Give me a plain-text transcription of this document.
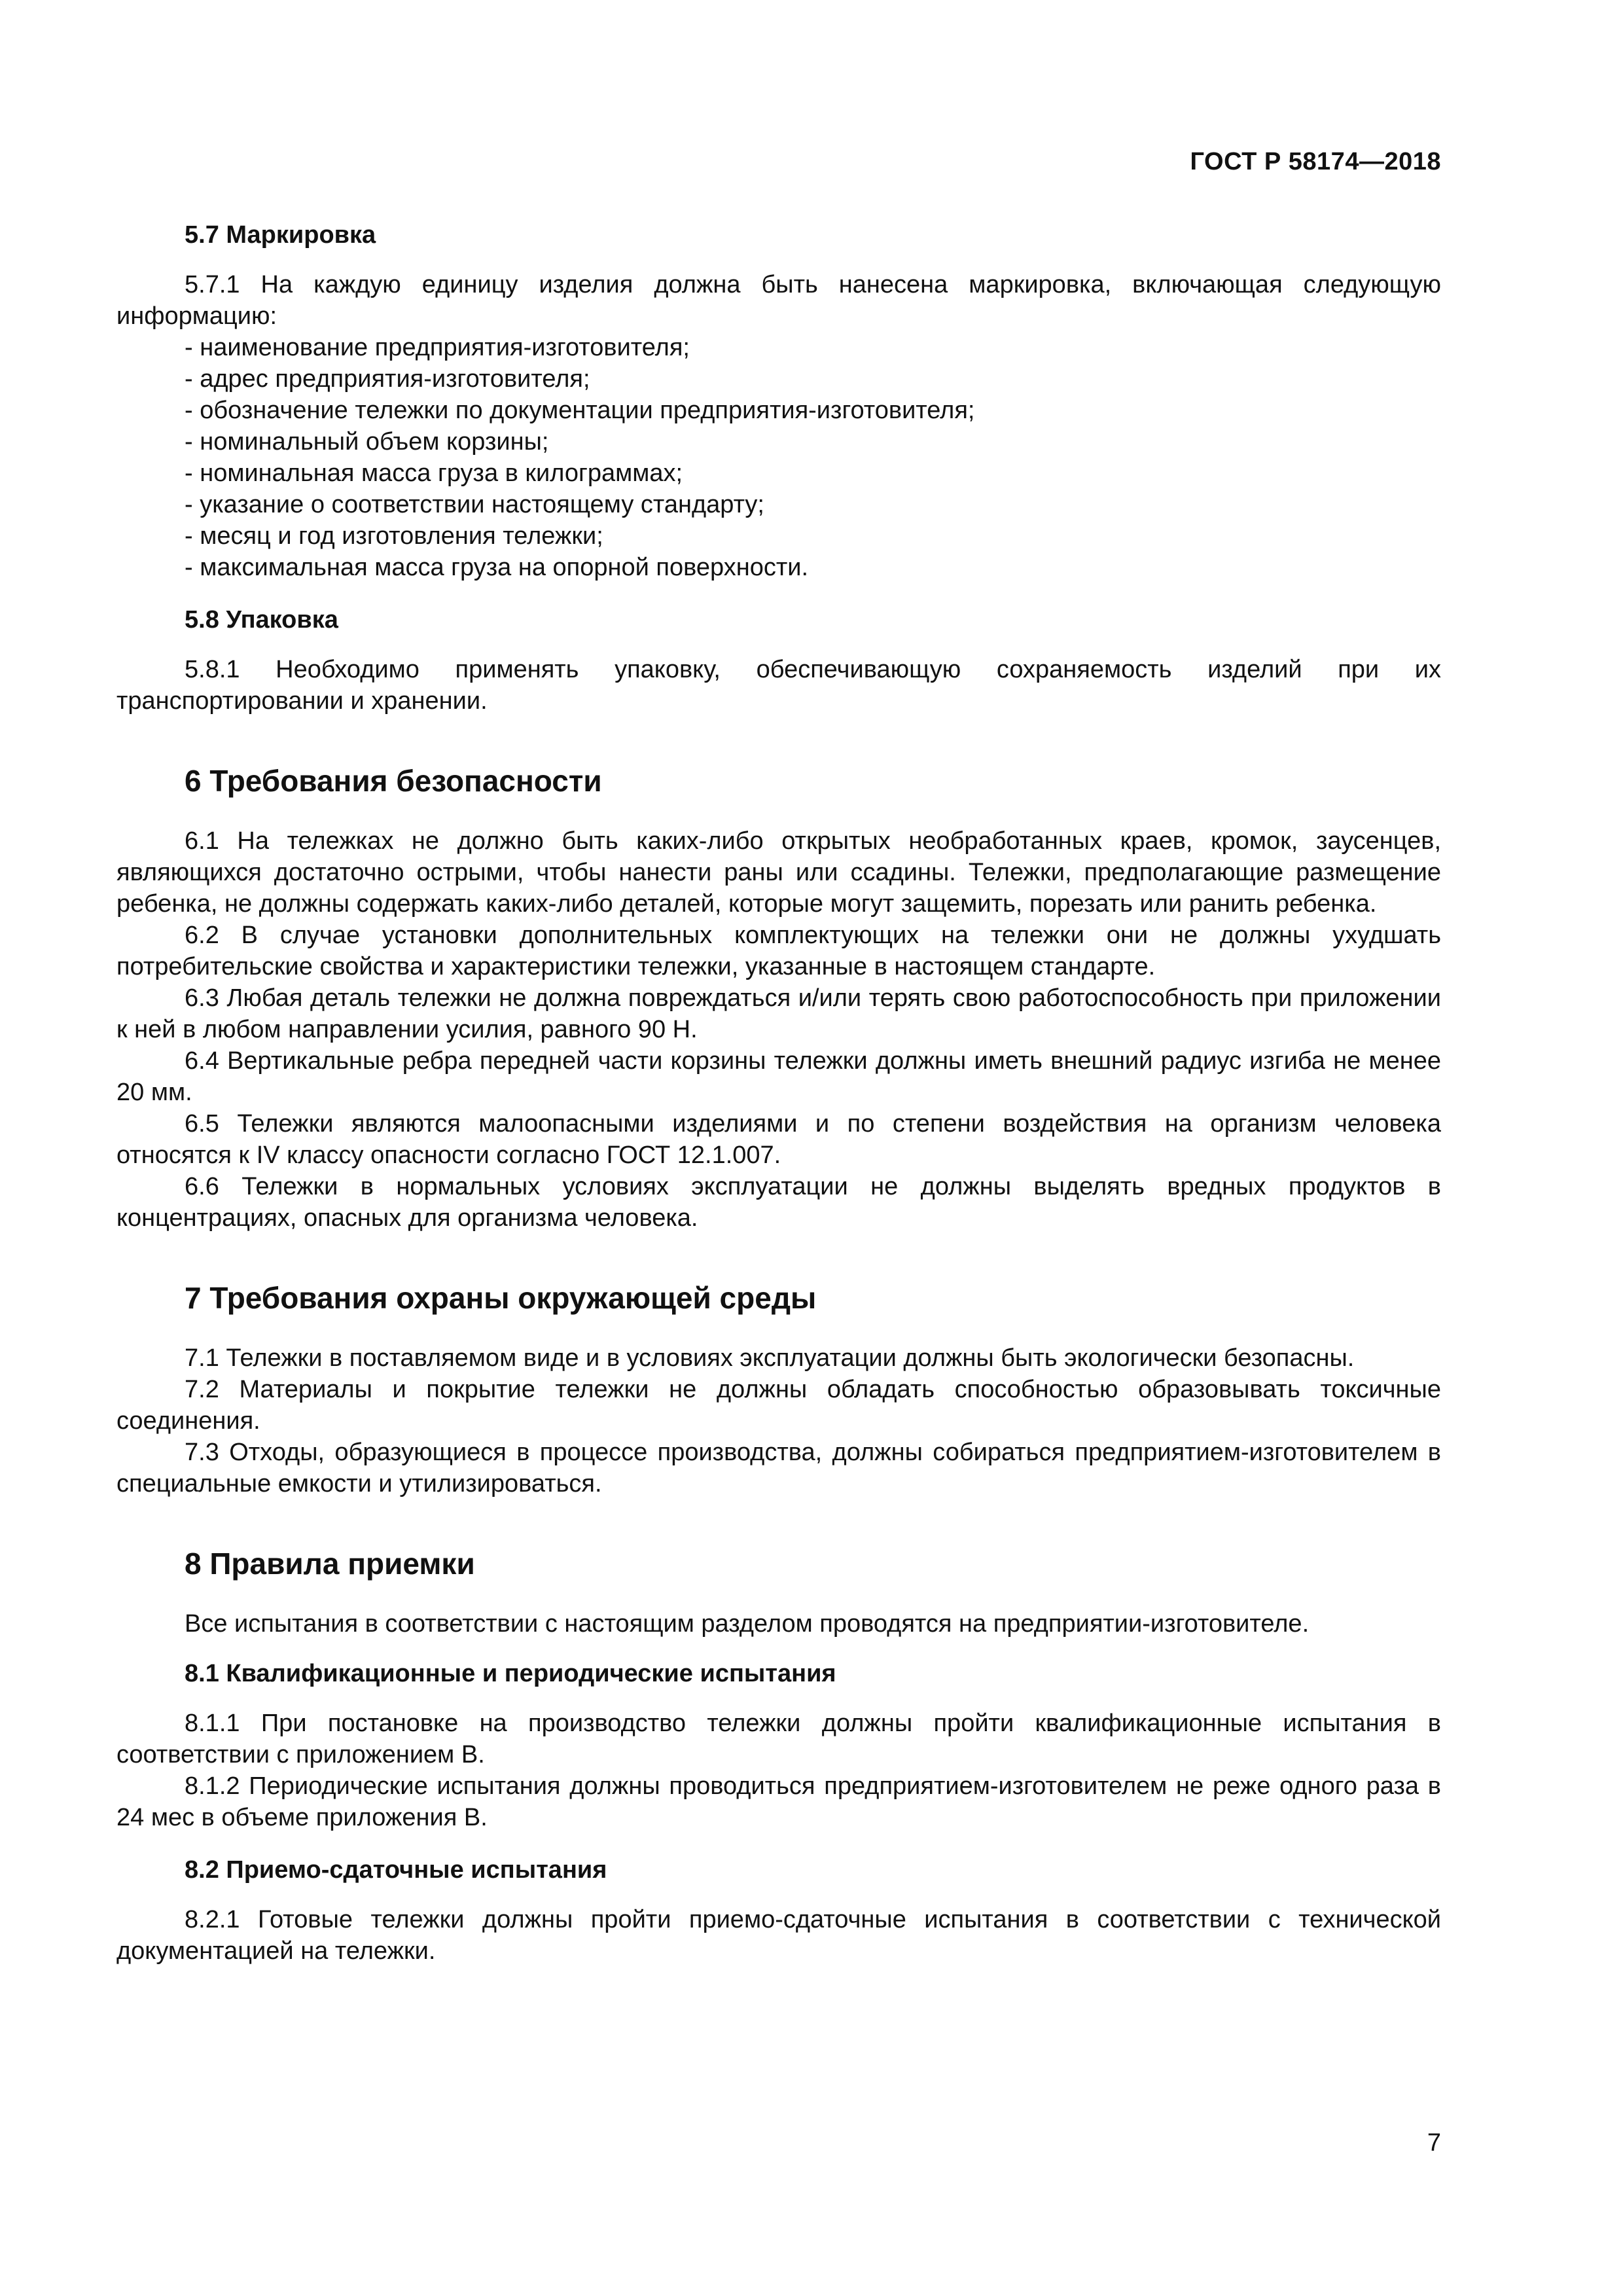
ГОСТ Р 58174—2018
5.7 Маркировка

5.7.1 На каждую единицу изделия должна быть нанесена маркировка, включающая следующую информацию:

- наименование предприятия-изготовителя;
- адрес предприятия-изготовителя;
- обозначение тележки по документации предприятия-изготовителя;
- номинальный объем корзины;
- номинальная масса груза в килограммах;
- указание о соответствии настоящему стандарту;
- месяц и год изготовления тележки;
- максимальная масса груза на опорной поверхности.
5.8 Упаковка

5.8.1 Необходимо применять упаковку, обеспечивающую сохраняемость изделий при их транспортировании и хранении.

6 Требования безопасности

6.1 На тележках не должно быть каких-либо открытых необработанных краев, кромок, заусенцев, являющихся достаточно острыми, чтобы нанести раны или ссадины. Тележки, предполагающие размещение ребенка, не должны содержать каких-либо деталей, которые могут защемить, порезать или ранить ребенка.

6.2 В случае установки дополнительных комплектующих на тележки они не должны ухудшать потребительские свойства и характеристики тележки, указанные в настоящем стандарте.

6.3 Любая деталь тележки не должна повреждаться и/или терять свою работоспособность при приложении к ней в любом направлении усилия, равного 90 Н.

6.4 Вертикальные ребра передней части корзины тележки должны иметь внешний радиус изгиба не менее 20 мм.

6.5 Тележки являются малоопасными изделиями и по степени воздействия на организм человека относятся к IV классу опасности согласно ГОСТ 12.1.007.

6.6 Тележки в нормальных условиях эксплуатации не должны выделять вредных продуктов в концентрациях, опасных для организма человека.

7 Требования охраны окружающей среды

7.1 Тележки в поставляемом виде и в условиях эксплуатации должны быть экологически безопасны.

7.2 Материалы и покрытие тележки не должны обладать способностью образовывать токсичные соединения.

7.3 Отходы, образующиеся в процессе производства, должны собираться предприятием-изготовителем в специальные емкости и утилизироваться.

8 Правила приемки

Все испытания в соответствии с настоящим разделом проводятся на предприятии-изготовителе.

8.1 Квалификационные и периодические испытания

8.1.1 При постановке на производство тележки должны пройти квалификационные испытания в соответствии с приложением В.

8.1.2 Периодические испытания должны проводиться предприятием-изготовителем не реже одного раза в 24 мес в объеме приложения В.

8.2 Приемо-сдаточные испытания

8.2.1 Готовые тележки должны пройти приемо-сдаточные испытания в соответствии с технической документацией на тележки.

7
